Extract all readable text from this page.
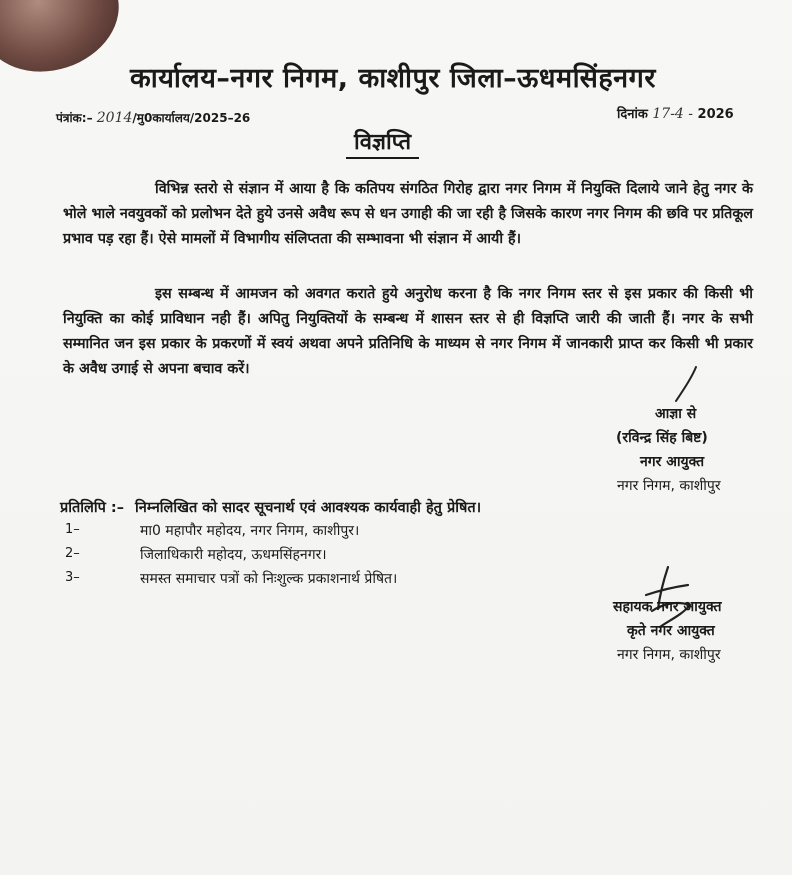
कार्यालय–नगर निगम, काशीपुर जिला–ऊधमसिंहनगर
पंत्रांक:– 2014/मु0कार्यालय/2025–26	दिनांक 17-4 - 2026
विज्ञप्ति
विभिन्न स्तरो से संज्ञान में आया है कि कतिपय संगठित गिरोह द्वारा नगर निगम में नियुक्ति दिलाये जाने हेतु नगर के भोले भाले नवयुवकों को प्रलोभन देते हुये उनसे अवैध रूप से धन उगाही की जा रही है जिसके कारण नगर निगम की छवि पर प्रतिकूल प्रभाव पड़ रहा हैं। ऐसे मामलों में विभागीय संलिप्तता की सम्भावना भी संज्ञान में आयी हैं।
इस सम्बन्ध में आमजन को अवगत कराते हुये अनुरोध करना है कि नगर निगम स्तर से इस प्रकार की किसी भी नियुक्ति का कोई प्राविधान नही हैं। अपितु नियुक्तियों के सम्बन्ध में शासन स्तर से ही विज्ञप्ति जारी की जाती हैं। नगर के सभी सम्मानित जन इस प्रकार के प्रकरणों में स्वयं अथवा अपने प्रतिनिधि के माध्यम से नगर निगम में जानकारी प्राप्त कर किसी भी प्रकार के अवैध उगाई से अपना बचाव करें।
आज्ञा से
(रविन्द्र सिंह बिष्ट)
नगर आयुक्त
नगर निगम, काशीपुर
प्रतिलिपि :– निम्नलिखित को सादर सूचनार्थ एवं आवश्यक कार्यवाही हेतु प्रेषित।
1–	मा0 महापौर महोदय, नगर निगम, काशीपुर।
2–	जिलाधिकारी महोदय, ऊधमसिंहनगर।
3–	समस्त समाचार पत्रों को निःशुल्क प्रकाशनार्थ प्रेषित।
सहायक नगर आयुक्त
कृते नगर आयुक्त
नगर निगम, काशीपुर
